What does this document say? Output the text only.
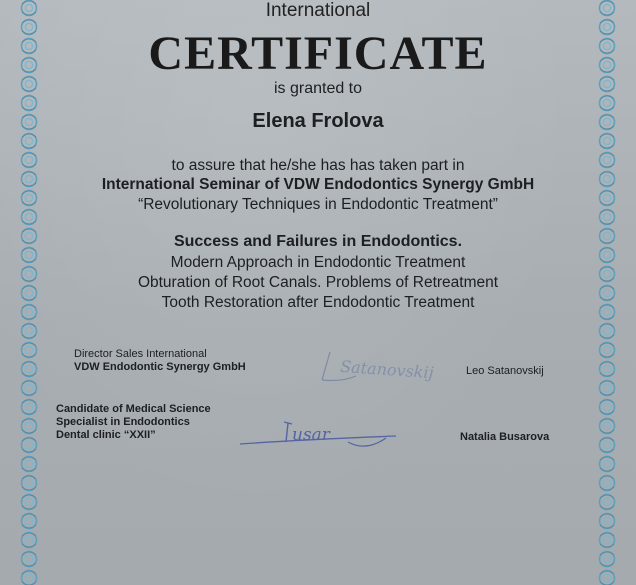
International
CERTIFICATE
is granted to
Elena Frolova
to assure that he/she has has taken part in
International Seminar of VDW Endodontics Synergy GmbH
“Revolutionary Techniques in Endodontic Treatment”
Success and Failures in Endodontics.
Modern Approach in Endodontic Treatment
Obturation of Root Canals. Problems of Retreatment
Tooth Restoration after Endodontic Treatment
Director Sales International
VDW Endodontic Synergy GmbH	Satanovskij	Leo Satanovskij
Candidate of Medical Science
Specialist in Endodontics
Dental clinic “XXII”	usar	Natalia Busarova
